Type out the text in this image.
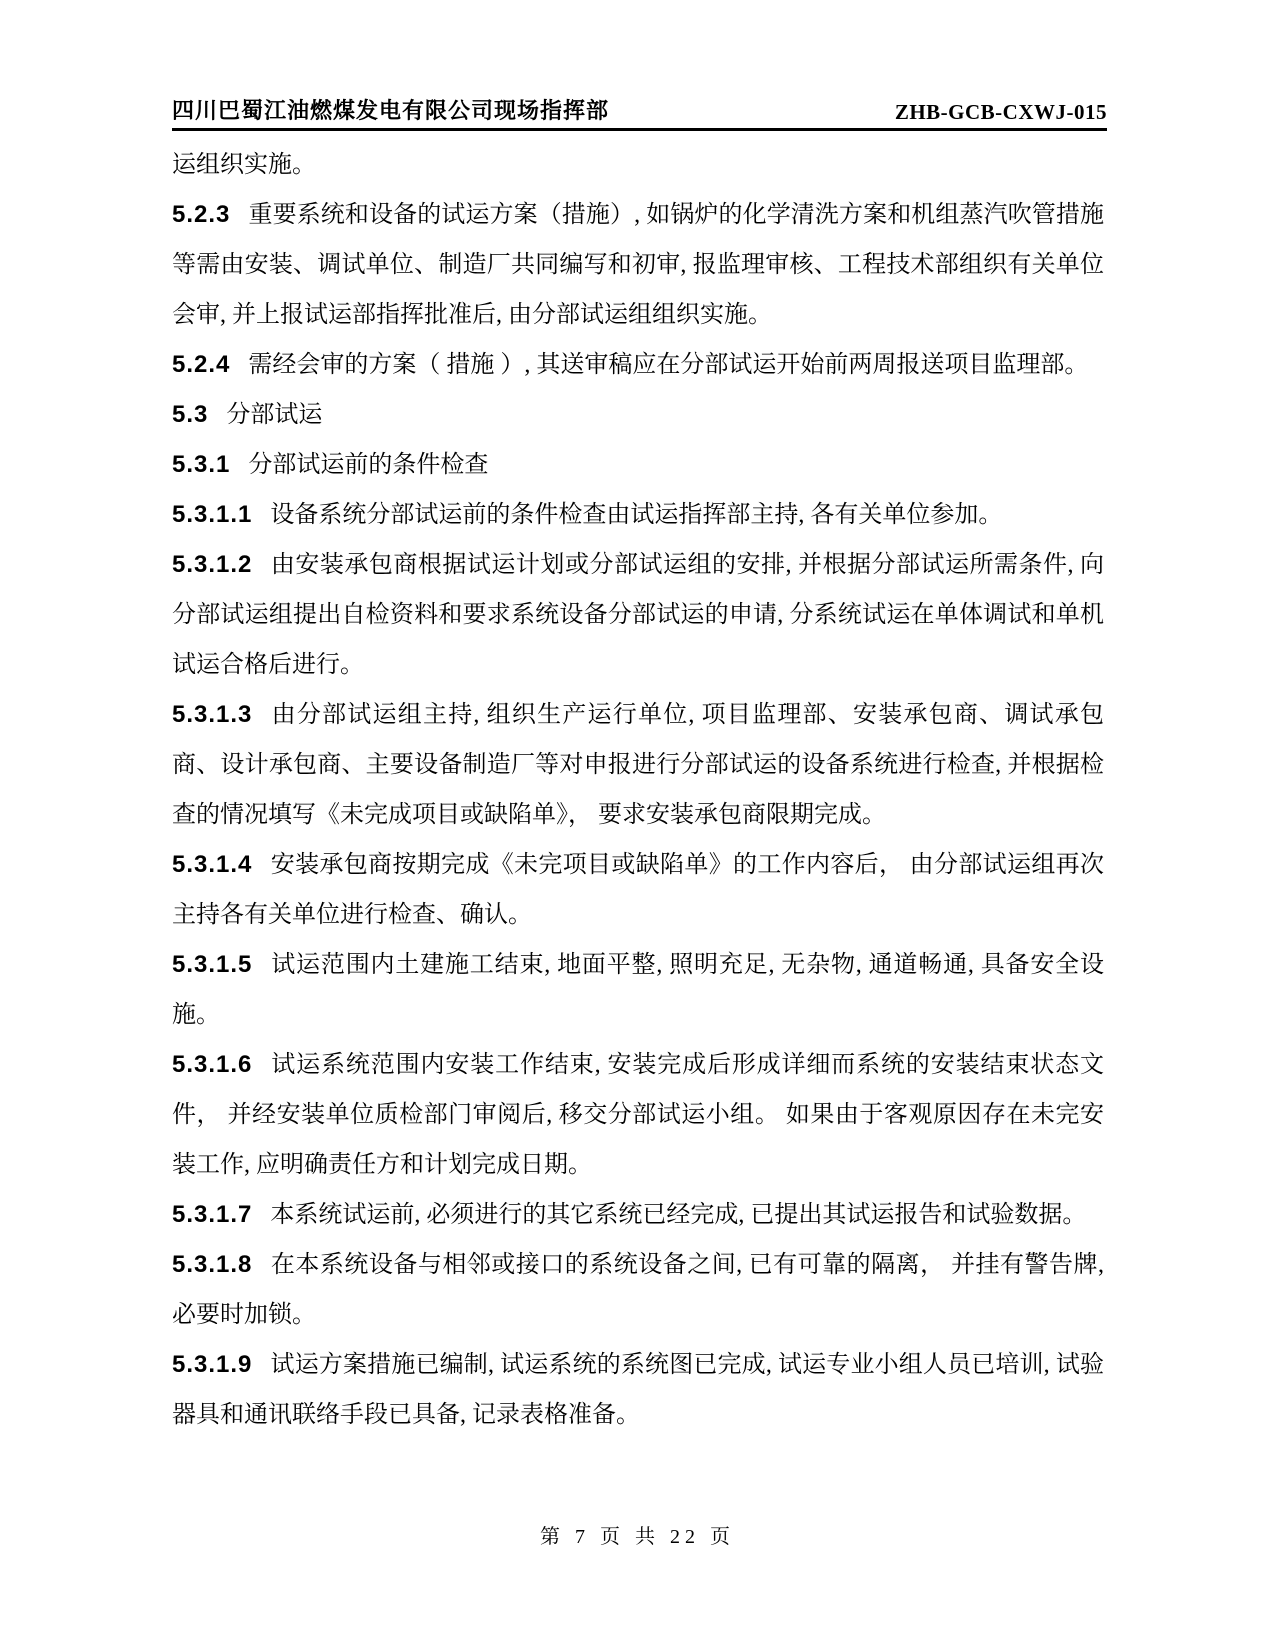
四川巴蜀江油燃煤发电有限公司现场指挥部	ZHB-GCB-CXWJ-015

运组织实施。

5.2.3 重要系统和设备的试运方案（措施）, 如锅炉的化学清洗方案和机组蒸汽吹管措施等需由安装、调试单位、制造厂共同编写和初审, 报监理审核、工程技术部组织有关单位会审, 并上报试运部指挥批准后, 由分部试运组组织实施。

5.2.4 需经会审的方案（ 措施 ）, 其送审稿应在分部试运开始前两周报送项目监理部。

5.3 分部试运

5.3.1 分部试运前的条件检查

5.3.1.1 设备系统分部试运前的条件检查由试运指挥部主持, 各有关单位参加。

5.3.1.2 由安装承包商根据试运计划或分部试运组的安排, 并根据分部试运所需条件, 向分部试运组提出自检资料和要求系统设备分部试运的申请, 分系统试运在单体调试和单机试运合格后进行。

5.3.1.3 由分部试运组主持, 组织生产运行单位, 项目监理部、安装承包商、调试承包商、设计承包商、主要设备制造厂等对申报进行分部试运的设备系统进行检查, 并根据检查的情况填写《未完成项目或缺陷单》， 要求安装承包商限期完成。

5.3.1.4 安装承包商按期完成《未完项目或缺陷单》的工作内容后， 由分部试运组再次主持各有关单位进行检查、确认。

5.3.1.5 试运范围内土建施工结束, 地面平整, 照明充足, 无杂物, 通道畅通, 具备安全设施。

5.3.1.6 试运系统范围内安装工作结束, 安装完成后形成详细而系统的安装结束状态文件， 并经安装单位质检部门审阅后, 移交分部试运小组。 如果由于客观原因存在未完安装工作, 应明确责任方和计划完成日期。

5.3.1.7 本系统试运前, 必须进行的其它系统已经完成, 已提出其试运报告和试验数据。

5.3.1.8 在本系统设备与相邻或接口的系统设备之间, 已有可靠的隔离， 并挂有警告牌, 必要时加锁。

5.3.1.9 试运方案措施已编制, 试运系统的系统图已完成, 试运专业小组人员已培训, 试验器具和通讯联络手段已具备, 记录表格准备。

第 7 页 共 22 页
